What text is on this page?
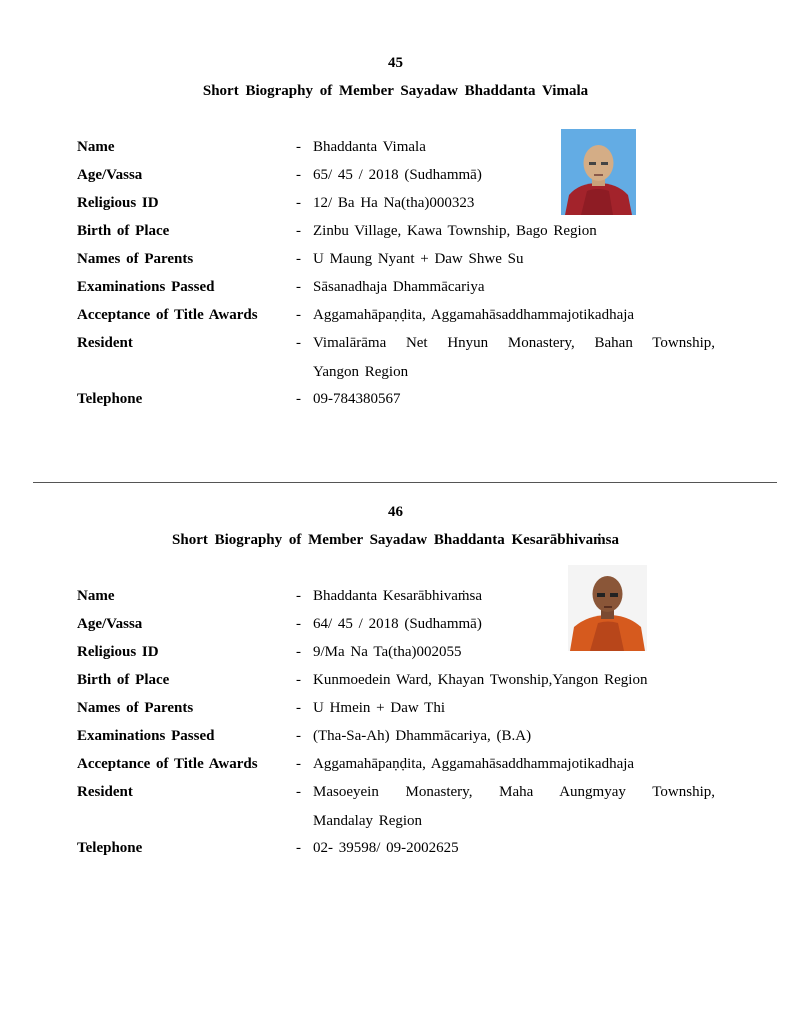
45
Short Biography of Member Sayadaw Bhaddanta Vimala
Name	- Bhaddanta Vimala
Age/Vassa	- 65/ 45 / 2018 (Sudhammā)
Religious ID	- 12/ Ba Ha Na(tha)000323
Birth of Place	- Zinbu Village, Kawa Township, Bago Region
Names of Parents	- U Maung Nyant + Daw Shwe Su
Examinations Passed	- Sāsanadhaja Dhammācariya
Acceptance of Title Awards	- Aggamahāpaṇḍita, Aggamahāsaddhammajotikadhaja
Resident	- Vimalārāma Net Hnyun Monastery, Bahan Township,
Yangon Region
Telephone	- 09-784380567
46
Short Biography of Member Sayadaw Bhaddanta Kesarābhivaṁsa
Name	- Bhaddanta Kesarābhivaṁsa
Age/Vassa	- 64/ 45 / 2018 (Sudhammā)
Religious ID	- 9/Ma Na Ta(tha)002055
Birth of Place	- Kunmoedein Ward, Khayan Twonship,Yangon Region
Names of Parents	- U Hmein + Daw Thi
Examinations Passed	- (Tha-Sa-Ah) Dhammācariya, (B.A)
Acceptance of Title Awards	- Aggamahāpaṇḍita, Aggamahāsaddhammajotikadhaja
Resident	- Masoeyein Monastery, Maha Aungmyay Township,
Mandalay Region
Telephone	- 02- 39598/ 09-2002625
